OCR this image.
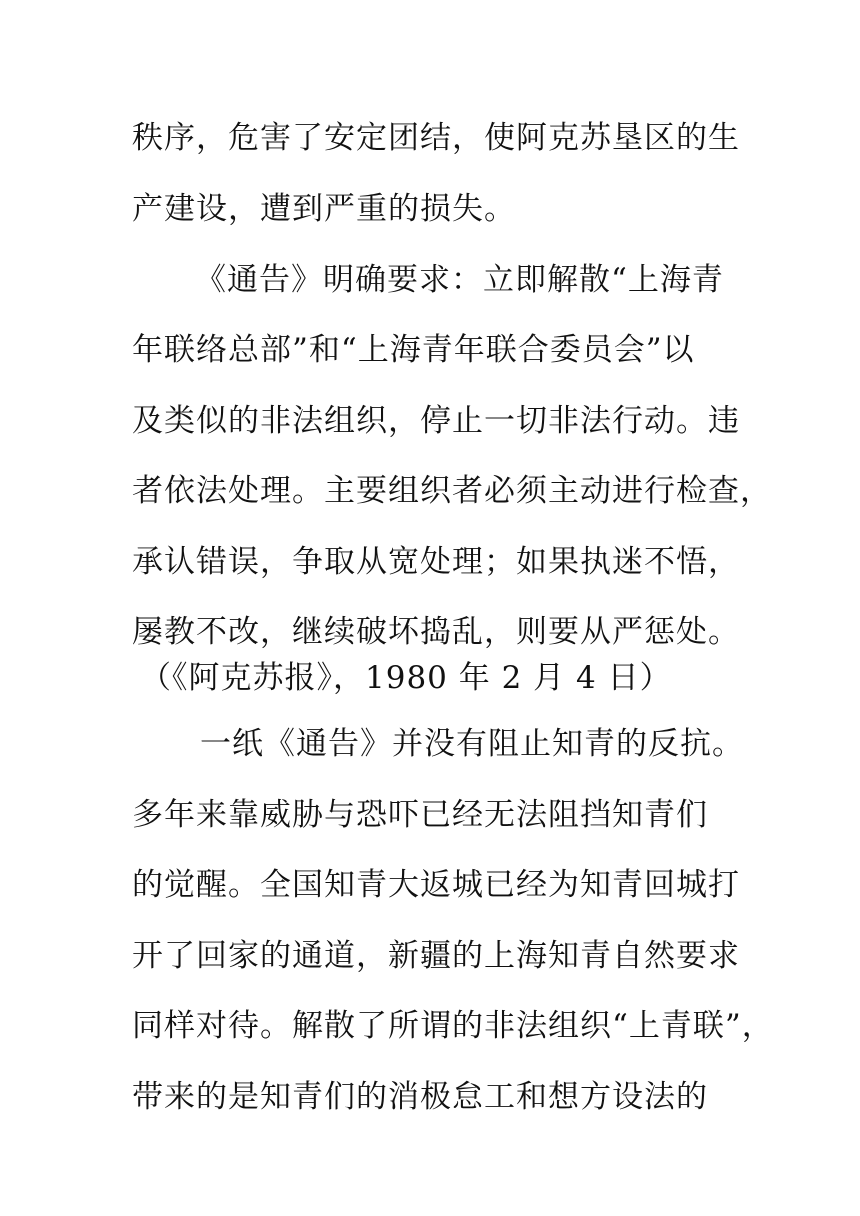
秩序，危害了安定团结，使阿克苏垦区的生
产建设，遭到严重的损失。
《通告》明确要求：立即解散“上海青
年联络总部”和“上海青年联合委员会”以
及类似的非法组织，停止一切非法行动。违
者依法处理。主要组织者必须主动进行检查，
承认错误，争取从宽处理；如果执迷不悟，
屡教不改，继续破坏捣乱，则要从严惩处。
（《阿克苏报》，1980 年 2 月 4 日）
一纸《通告》并没有阻止知青的反抗。
多年来靠威胁与恐吓已经无法阻挡知青们
的觉醒。全国知青大返城已经为知青回城打
开了回家的通道，新疆的上海知青自然要求
同样对待。解散了所谓的非法组织“上青联”，
带来的是知青们的消极怠工和想方设法的
